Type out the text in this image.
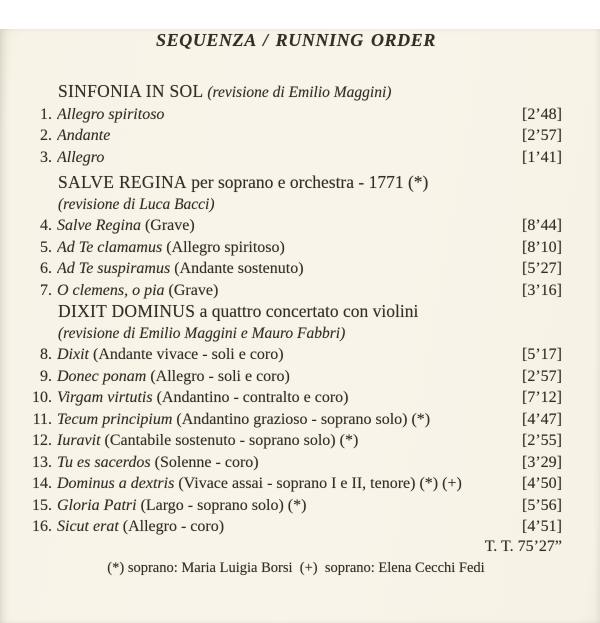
SEQUENZA / RUNNING ORDER
SINFONIA IN SOL (revisione di Emilio Maggini)
1. Allegro spiritoso	[2’48]
2. Andante	[2’57]
3. Allegro	[1’41]
SALVE REGINA per soprano e orchestra - 1771 (*)
(revisione di Luca Bacci)
4. Salve Regina (Grave)	[8’44]
5. Ad Te clamamus (Allegro spiritoso)	[8’10]
6. Ad Te suspiramus (Andante sostenuto)	[5’27]
7. O clemens, o pia (Grave)	[3’16]
DIXIT DOMINUS a quattro concertato con violini
(revisione di Emilio Maggini e Mauro Fabbri)
8. Dixit (Andante vivace - soli e coro)	[5’17]
9. Donec ponam (Allegro - soli e coro)	[2’57]
10. Virgam virtutis (Andantino - contralto e coro)	[7’12]
11. Tecum principium (Andantino grazioso - soprano solo) (*)	[4’47]
12. Iuravit (Cantabile sostenuto - soprano solo) (*)	[2’55]
13. Tu es sacerdos (Solenne - coro)	[3’29]
14. Dominus a dextris (Vivace assai - soprano I e II, tenore) (*) (+)	[4’50]
15. Gloria Patri (Largo - soprano solo) (*)	[5’56]
16. Sicut erat (Allegro - coro)	[4’51]
T. T. 75’27”
(*) soprano: Maria Luigia Borsi  (+)  soprano: Elena Cecchi Fedi
